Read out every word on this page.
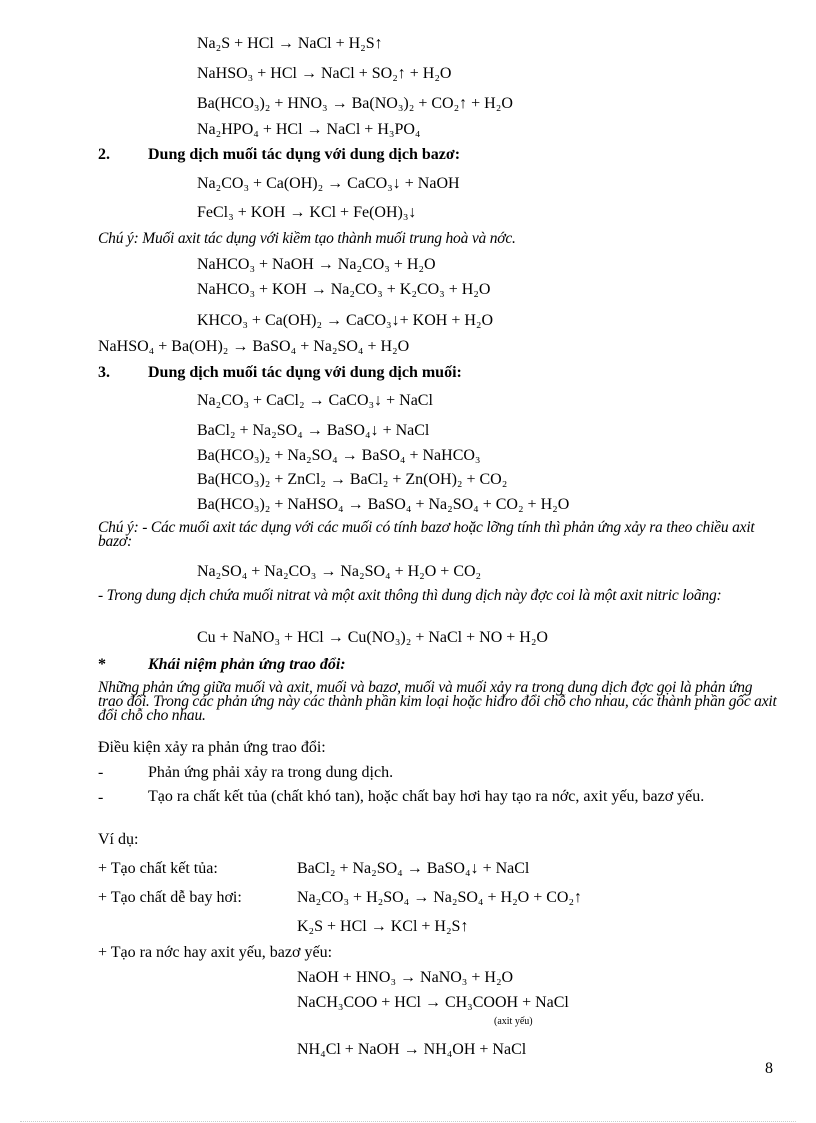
Na₂S + HCl → NaCl + H₂S↑
NaHSO₃ + HCl → NaCl + SO₂↑ + H₂O
Ba(HCO₃)₂ + HNO₃ → Ba(NO₃)₂ + CO₂↑ + H₂O
Na₂HPO₄ + HCl → NaCl + H₃PO₄
2. Dung dịch muối tác dụng với dung dịch bazơ:
Na₂CO₃ + Ca(OH)₂ → CaCO₃↓ + NaOH
FeCl₃ + KOH → KCl + Fe(OH)₃↓
Chú ý: Muối axit tác dụng với kiềm tạo thành muối trung hoà và nớc.
NaHCO₃ + NaOH → Na₂CO₃ + H₂O
NaHCO₃ + KOH → Na₂CO₃ + K₂CO₃ + H₂O
KHCO₃ + Ca(OH)₂ → CaCO₃↓+ KOH + H₂O
NaHSO₄ + Ba(OH)₂ → BaSO₄ + Na₂SO₄ + H₂O
3. Dung dịch muối tác dụng với dung dịch muối:
Na₂CO₃ + CaCl₂ → CaCO₃↓ + NaCl
BaCl₂ + Na₂SO₄ → BaSO₄↓ + NaCl
Ba(HCO₃)₂ + Na₂SO₄ → BaSO₄ + NaHCO₃
Ba(HCO₃)₂ + ZnCl₂ → BaCl₂ + Zn(OH)₂ + CO₂
Ba(HCO₃)₂ + NaHSO₄ → BaSO₄ + Na₂SO₄ + CO₂ + H₂O
Chú ý: - Các muối axit tác dụng với các muối có tính bazơ hoặc lỡng tính thì phản ứng xảy ra theo chiều axit bazơ:
Na₂SO₄ + Na₂CO₃ → Na₂SO₄ + H₂O + CO₂
- Trong dung dịch chứa muối nitrat và một axit thông thì dung dịch này đợc coi là một axit nitric loãng:
Cu + NaNO₃ + HCl → Cu(NO₃)₂ + NaCl + NO + H₂O
*	Khái niệm phản ứng trao đổi:
Những phản ứng giữa muối và axit, muối và bazơ, muối và muối xảy ra trong dung dịch đợc gọi là phản ứng trao đổi. Trong các phản ứng này các thành phần kim loại hoặc hiđro đổi chỗ cho nhau, các thành phần gốc axit đổi chỗ cho nhau.
Điều kiện xảy ra phản ứng trao đổi:
-	Phản ứng phải xảy ra trong dung dịch.
-	Tạo ra chất kết tủa (chất khó tan), hoặc chất bay hơi hay tạo ra nớc, axit yếu, bazơ yếu.
Ví dụ:
+ Tạo chất kết tủa:	BaCl₂ + Na₂SO₄ → BaSO₄↓ + NaCl
+ Tạo chất dễ bay hơi:	Na₂CO₃ + H₂SO₄ → Na₂SO₄ + H₂O + CO₂↑
K₂S + HCl → KCl + H₂S↑
+ Tạo ra nớc hay axit yếu, bazơ yếu:
NaOH + HNO₃ → NaNO₃ + H₂O
NaCH₃COO + HCl → CH₃COOH + NaCl
(axit yếu)
NH₄Cl + NaOH → NH₄OH + NaCl
8
